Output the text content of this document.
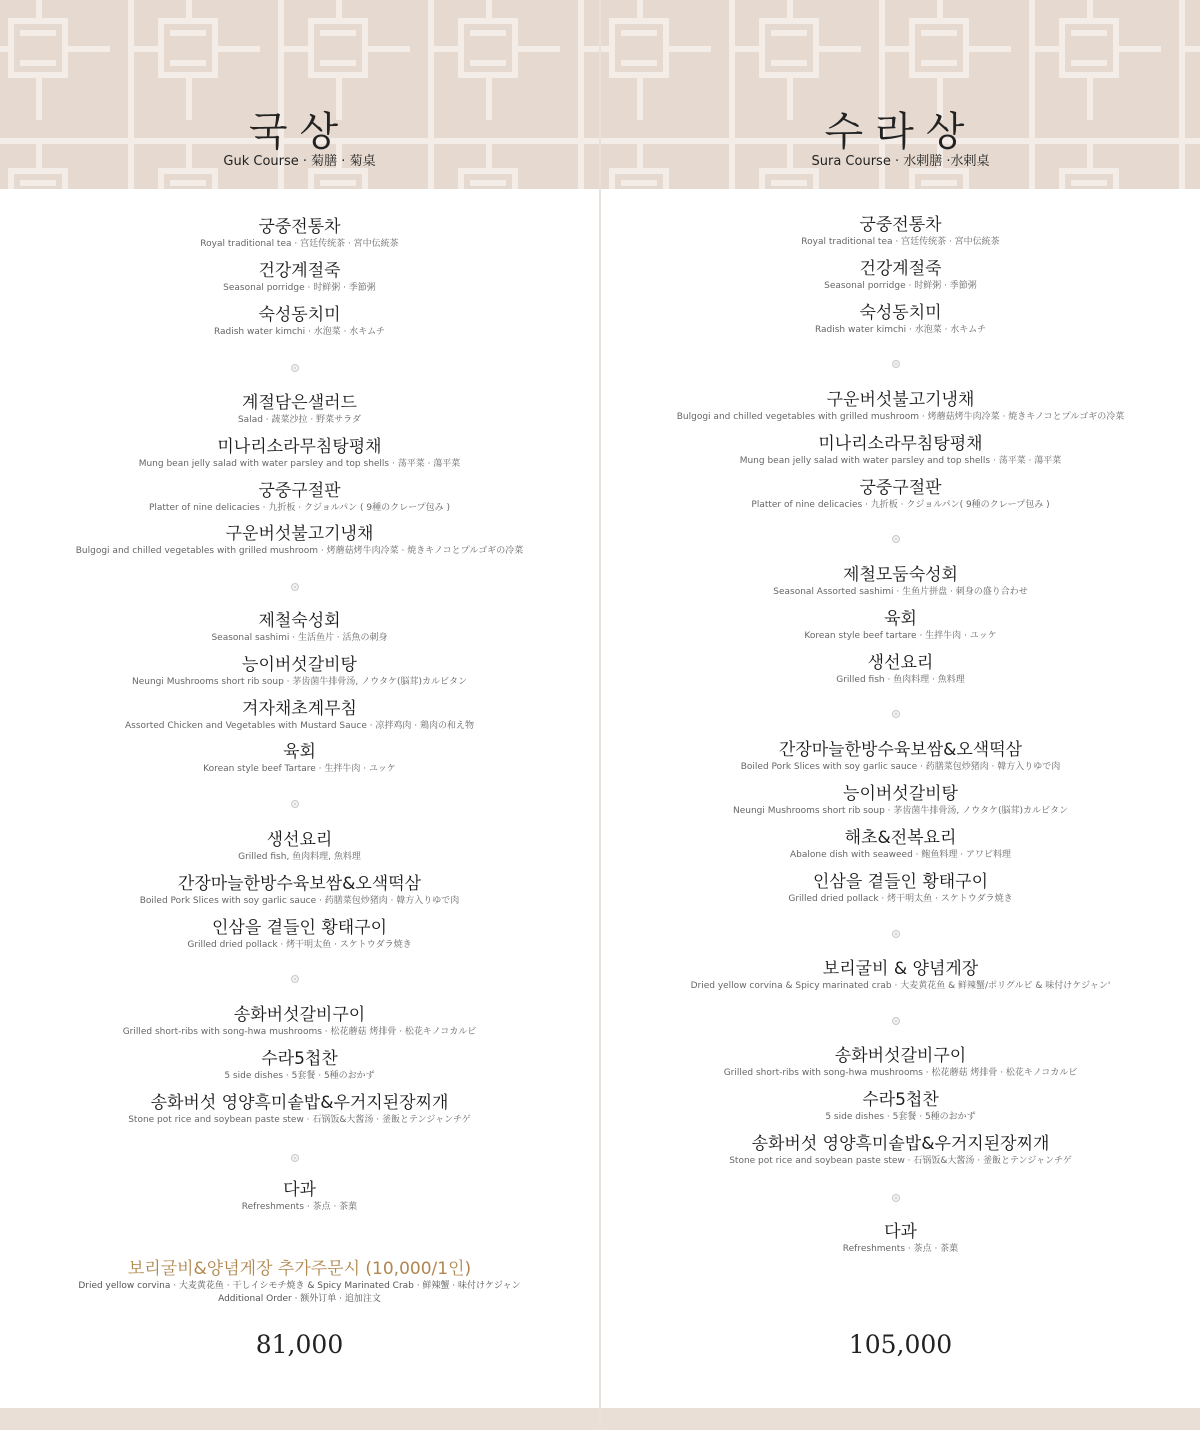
국상
Guk Course · 菊膳 · 菊桌
궁중전통차
Royal traditional tea · 宫廷传统茶 · 宮中伝統茶
건강계절죽
Seasonal porridge · 时鲜粥 · 季節粥
숙성동치미
Radish water kimchi · 水泡菜 · 水キムチ
계절담은샐러드
Salad · 蔬菜沙拉 · 野菜サラダ
미나리소라무침탕평채
Mung bean jelly salad with water parsley and top shells · 荡平菜 · 蕩平菜
궁중구절판
Platter of nine delicacies · 九折板 · クジョルパン ( 9種のクレープ包み )
구운버섯불고기냉채
Bulgogi and chilled vegetables with grilled mushroom · 烤蘑菇烤牛肉冷菜 · 焼きキノコとプルゴギの冷菜
제철숙성회
Seasonal sashimi · 生活鱼片 · 活魚の刺身
능이버섯갈비탕
Neungi Mushrooms short rib soup · 茅齿菌牛排骨汤, ノウタケ(脳茸)カルビタン
겨자채초계무침
Assorted Chicken and Vegetables with Mustard Sauce · 凉拌鸡肉 · 鶏肉の和え物
육회
Korean style beef Tartare · 生拌牛肉 · ユッケ
생선요리
Grilled fish, 鱼肉料理, 魚料理
간장마늘한방수육보쌈&오색떡삼
Boiled Pork Slices with soy garlic sauce · 药膳菜包炒猪肉 · 韓方入りゆで肉
인삼을 곁들인 황태구이
Grilled dried pollack · 烤干明太鱼 · スケトウダラ焼き
송화버섯갈비구이
Grilled short-ribs with song-hwa mushrooms · 松花蘑菇 烤排骨 · 松花キノコカルビ
수라5첩찬
5 side dishes · 5套餐 · 5種のおかず
송화버섯 영양흑미솥밥&우거지된장찌개
Stone pot rice and soybean paste stew · 石锅饭&大酱汤 · 釜飯とテンジャンチゲ
다과
Refreshments · 茶点 · 茶菓
보리굴비&양념게장 추가주문시 (10,000/1인)
Dried yellow corvina · 大麦黄花鱼 · 干しイシモチ焼き & Spicy Marinated Crab · 鲜辣蟹 · 味付けケジャン
Additional Order · 额外订单 · 追加注文
81,000
수라상
Sura Course · 水剌膳 ·水剌桌
궁중전통차
Royal traditional tea · 宫廷传统茶 · 宮中伝統茶
건강계절죽
Seasonal porridge · 时鲜粥 · 季節粥
숙성동치미
Radish water kimchi · 水泡菜 · 水キムチ
구운버섯불고기냉채
Bulgogi and chilled vegetables with grilled mushroom · 烤蘑菇烤牛肉冷菜 · 焼きキノコとプルゴギの冷菜
미나리소라무침탕평채
Mung bean jelly salad with water parsley and top shells · 荡平菜 · 蕩平菜
궁중구절판
Platter of nine delicacies · 九折板 · クジョルパン( 9種のクレープ包み )
제철모둠숙성회
Seasonal Assorted sashimi · 生鱼片拼盘 · 刺身の盛り合わせ
육회
Korean style beef tartare · 生拌牛肉 · ユッケ
생선요리
Grilled fish · 鱼肉料理 · 魚料理
간장마늘한방수육보쌈&오색떡삼
Boiled Pork Slices with soy garlic sauce · 药膳菜包炒猪肉 · 韓方入りゆで肉
능이버섯갈비탕
Neungi Mushrooms short rib soup · 茅齿菌牛排骨汤, ノウタケ(脳茸)カルビタン
해초&전복요리
Abalone dish with seaweed · 鲍鱼料理 · アワビ料理
인삼을 곁들인 황태구이
Grilled dried pollack · 烤干明太鱼 · スケトウダラ焼き
보리굴비 & 양념게장
Dried yellow corvina & Spicy marinated crab · 大麦黄花鱼 & 鲜辣蟹/ポリグルビ & 味付けケジャン'
송화버섯갈비구이
Grilled short-ribs with song-hwa mushrooms · 松花蘑菇 烤排骨 · 松花キノコカルビ
수라5첩찬
5 side dishes · 5套餐 · 5種のおかず
송화버섯 영양흑미솥밥&우거지된장찌개
Stone pot rice and soybean paste stew · 石锅饭&大酱汤 · 釜飯とテンジャンチゲ
다과
Refreshments · 茶点 · 茶菓
105,000
